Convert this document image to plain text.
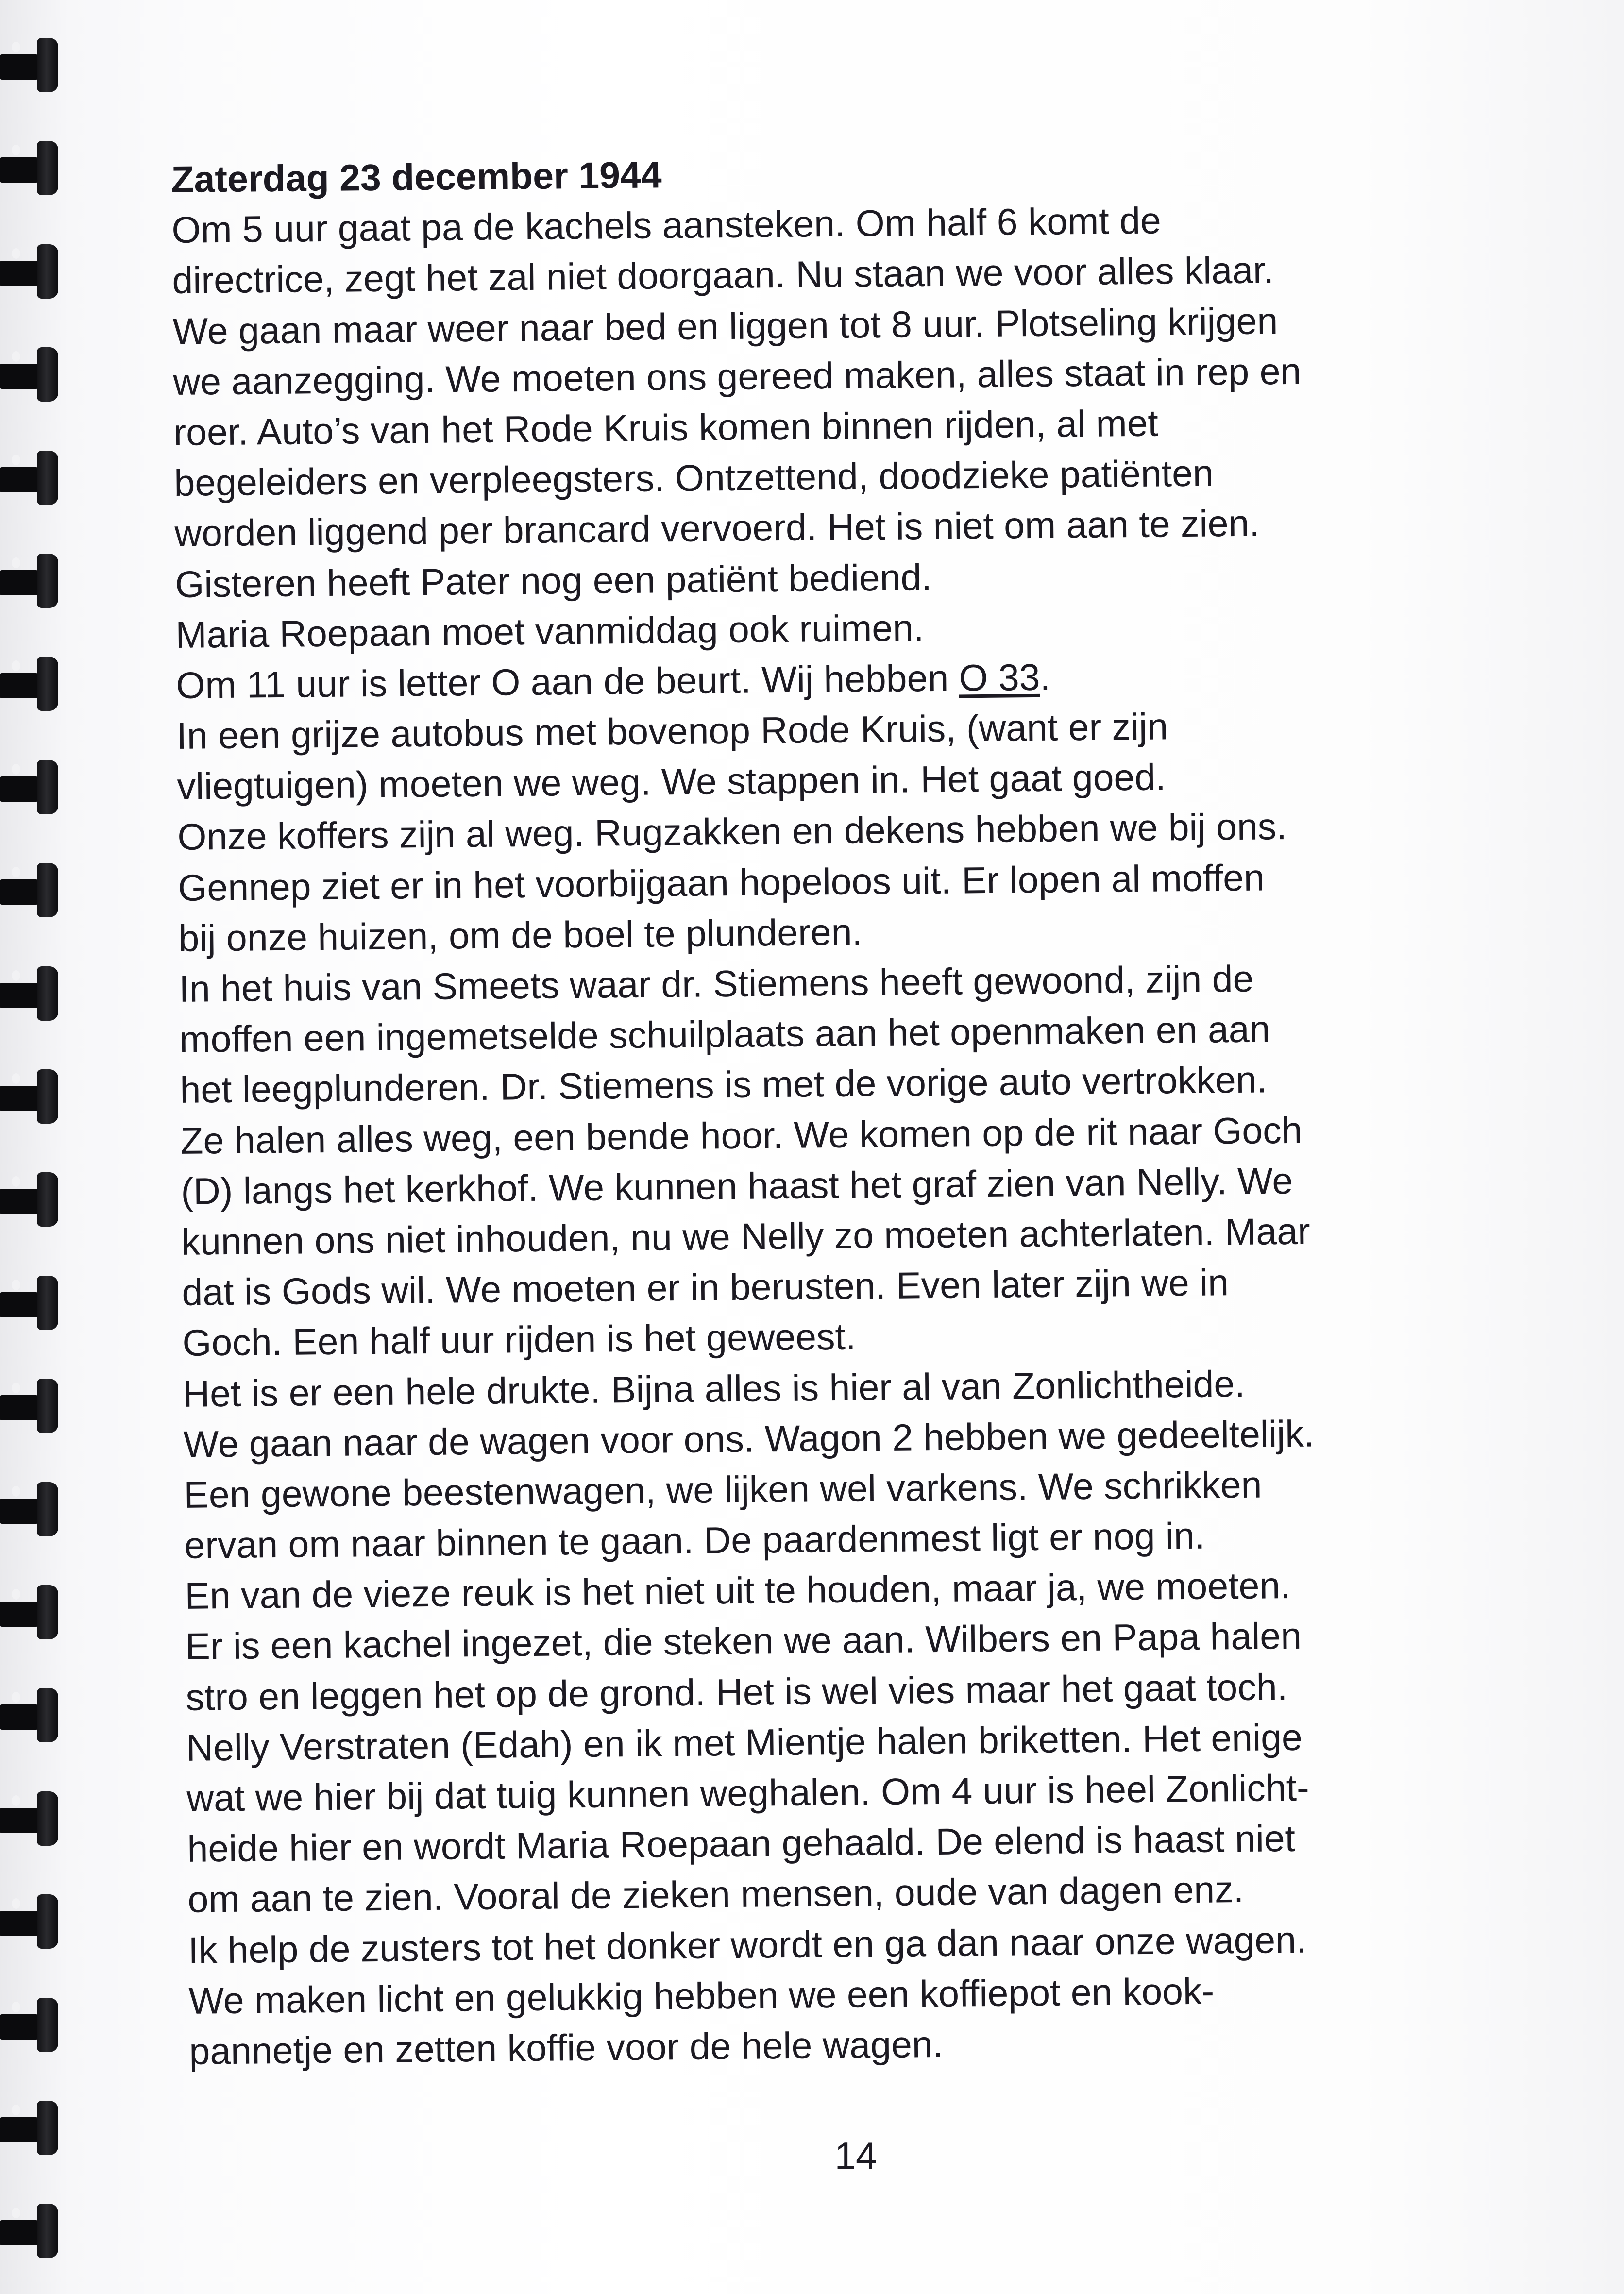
Zaterdag 23 december 1944
Om 5 uur gaat pa de kachels aansteken. Om half 6 komt de
directrice, zegt het zal niet doorgaan. Nu staan we voor alles klaar.
We gaan maar weer naar bed en liggen tot 8 uur. Plotseling krijgen
we aanzegging. We moeten ons gereed maken, alles staat in rep en
roer. Auto’s van het Rode Kruis komen binnen rijden, al met
begeleiders en verpleegsters. Ontzettend, doodzieke patiënten
worden liggend per brancard vervoerd. Het is niet om aan te zien.
Gisteren heeft Pater nog een patiënt bediend.
Maria Roepaan moet vanmiddag ook ruimen.
Om 11 uur is letter O aan de beurt. Wij hebben O 33.
In een grijze autobus met bovenop Rode Kruis, (want er zijn
vliegtuigen) moeten we weg. We stappen in. Het gaat goed.
Onze koffers zijn al weg. Rugzakken en dekens hebben we bij ons.
Gennep ziet er in het voorbijgaan hopeloos uit. Er lopen al moffen
bij onze huizen, om de boel te plunderen.
In het huis van Smeets waar dr. Stiemens heeft gewoond, zijn de
moffen een ingemetselde schuilplaats aan het openmaken en aan
het leegplunderen. Dr. Stiemens is met de vorige auto vertrokken.
Ze halen alles weg, een bende hoor. We komen op de rit naar Goch
(D) langs het kerkhof. We kunnen haast het graf zien van Nelly. We
kunnen ons niet inhouden, nu we Nelly zo moeten achterlaten. Maar
dat is Gods wil. We moeten er in berusten. Even later zijn we in
Goch. Een half uur rijden is het geweest.
Het is er een hele drukte. Bijna alles is hier al van Zonlichtheide.
We gaan naar de wagen voor ons. Wagon 2 hebben we gedeeltelijk.
Een gewone beestenwagen, we lijken wel varkens. We schrikken
ervan om naar binnen te gaan. De paardenmest ligt er nog in.
En van de vieze reuk is het niet uit te houden, maar ja, we moeten.
Er is een kachel ingezet, die steken we aan. Wilbers en Papa halen
stro en leggen het op de grond. Het is wel vies maar het gaat toch.
Nelly Verstraten (Edah) en ik met Mientje halen briketten. Het enige
wat we hier bij dat tuig kunnen weghalen. Om 4 uur is heel Zonlicht-
heide hier en wordt Maria Roepaan gehaald. De elend is haast niet
om aan te zien. Vooral de zieken mensen, oude van dagen enz.
Ik help de zusters tot het donker wordt en ga dan naar onze wagen.
We maken licht en gelukkig hebben we een koffiepot en kook-
pannetje en zetten koffie voor de hele wagen.
14
